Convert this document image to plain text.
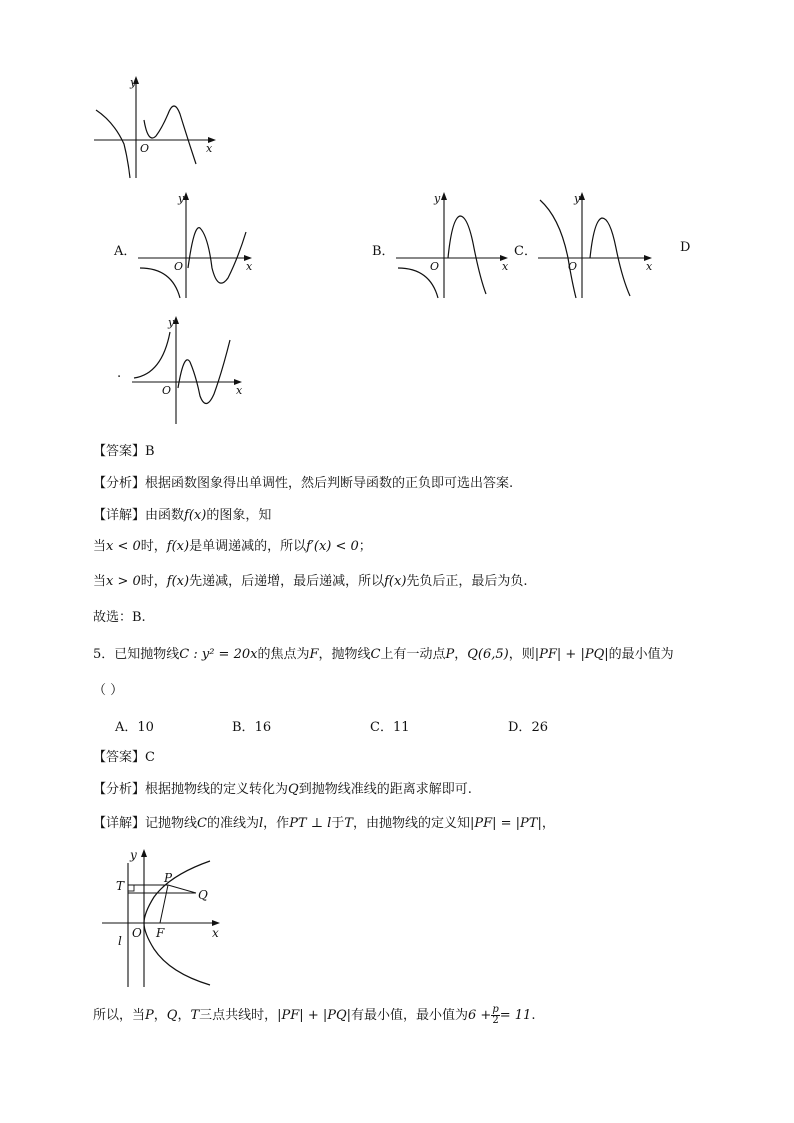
y
x
O
A．
y
x
O
B．
y
x
O
C．
y
x
O
D
.
y
x
O
【答案】B
【分析】根据函数图象得出单调性，然后判断导函数的正负即可选出答案.
【详解】由函数f(x)的图象，知
当x < 0时，f(x)是单调递减的，所以f′(x) < 0；
当x > 0时，f(x)先递减，后递增，最后递减，所以f(x)先负后正，最后为负.
故选：B.
5．已知抛物线C : y² = 20x的焦点为F，抛物线C上有一动点P，Q(6,5)，则|PF| + |PQ|的最小值为
（ ）
A．10	B．16	C．11	D．26
【答案】C
【分析】根据抛物线的定义转化为Q到抛物线准线的距离求解即可.
【详解】记抛物线C的准线为l，作PT ⊥ l于T，由抛物线的定义知|PF| = |PT|，
y
x
T
P
Q
O F
l
所以，当P，Q，T三点共线时，|PF| + |PQ|有最小值，最小值为$6 + \frac{p}{2} = 11$.
